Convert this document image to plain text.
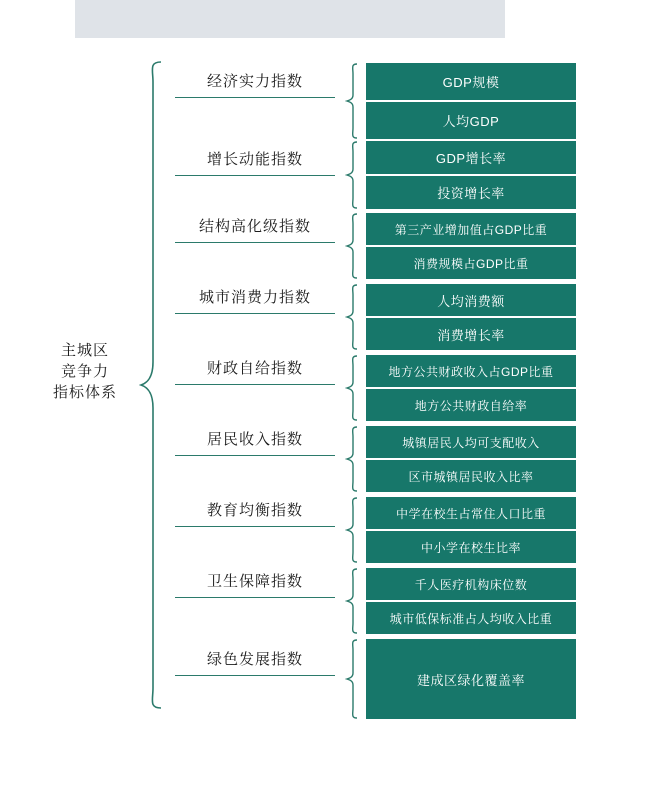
主城区
竞争力
指标体系
经济实力指数	GDP规模
人均GDP
增长动能指数	GDP增长率
投资增长率
结构高化级指数	第三产业增加值占GDP比重
消费规模占GDP比重
城市消费力指数	人均消费额
消费增长率
财政自给指数	地方公共财政收入占GDP比重
地方公共财政自给率
居民收入指数	城镇居民人均可支配收入
区市城镇居民收入比率
教育均衡指数	中学在校生占常住人口比重
中小学在校生比率
卫生保障指数	千人医疗机构床位数
城市低保标准占人均收入比重
绿色发展指数
建成区绿化覆盖率
